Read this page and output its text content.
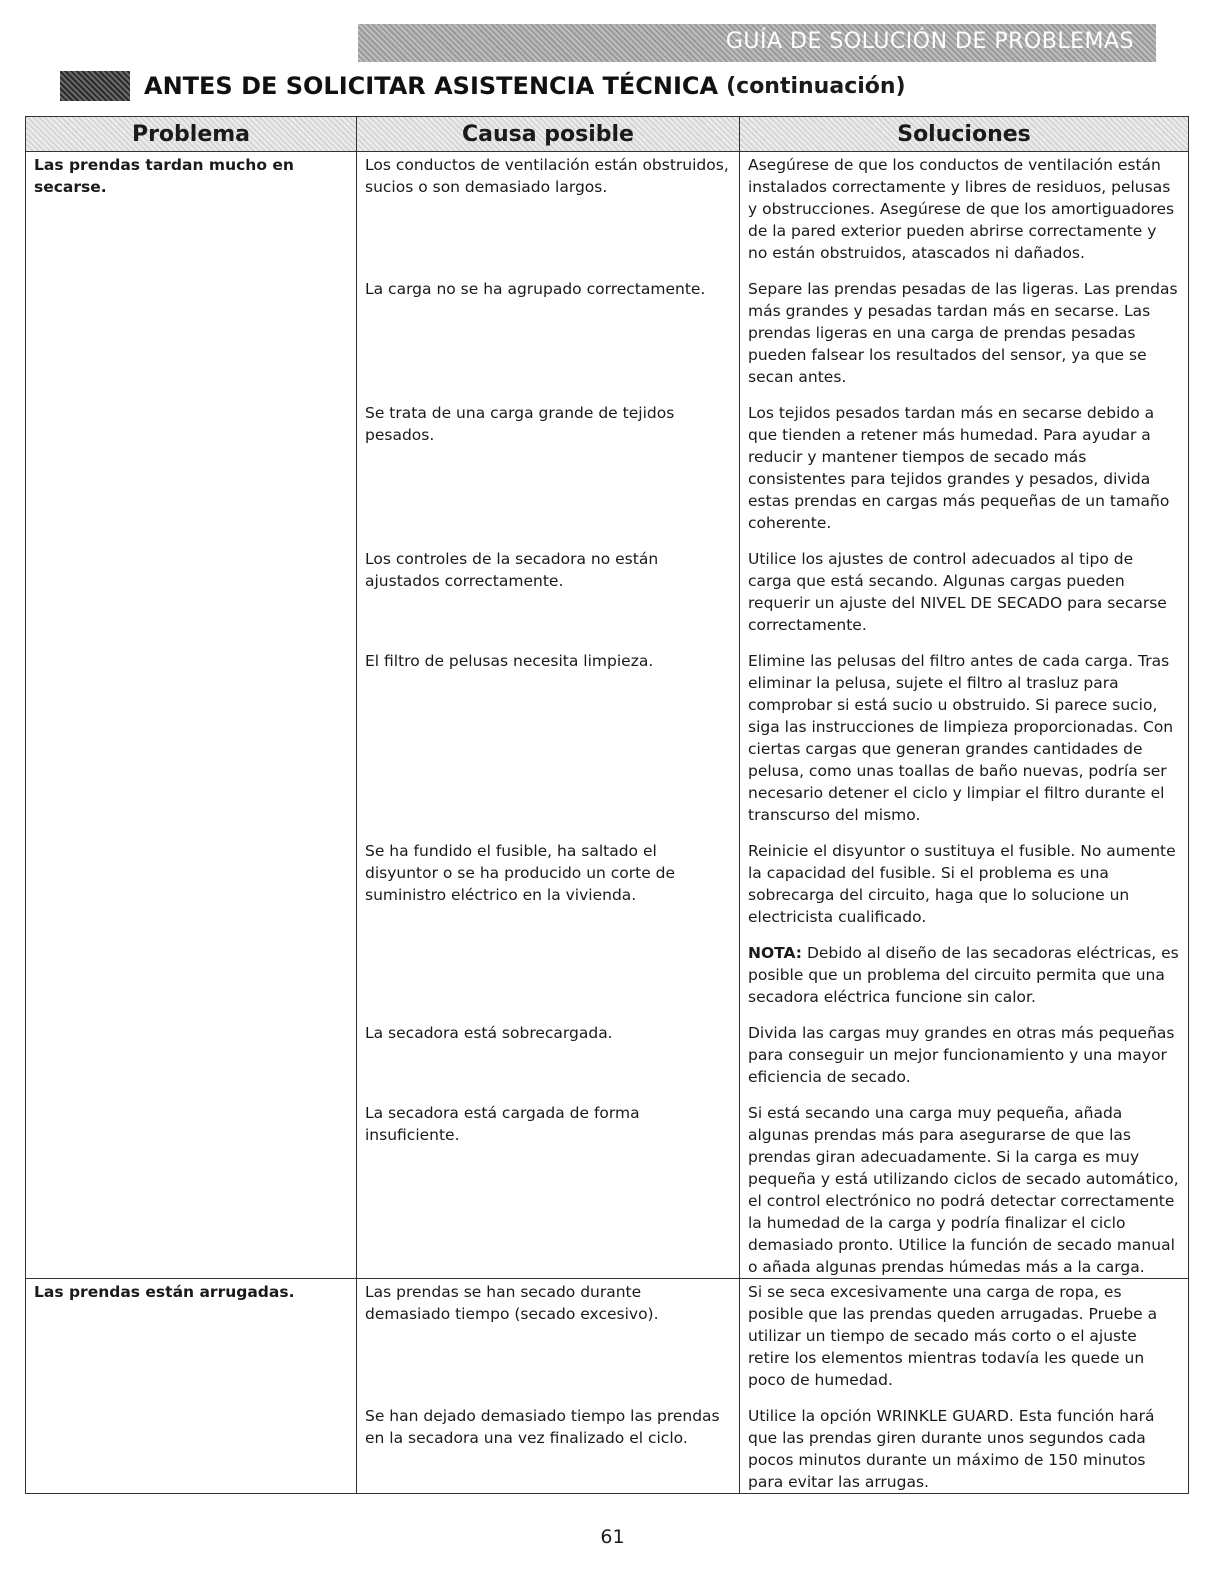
GUÍA DE SOLUCIÓN DE PROBLEMAS
ANTES DE SOLICITAR ASISTENCIA TÉCNICA (continuación)
Problema	Causa posible	Soluciones
Las prendas tardan mucho en secarse.	Los conductos de ventilación están obstruidos, sucios o son demasiado largos.	Asegúrese de que los conductos de ventilación están instalados correctamente y libres de residuos, pelusas y obstrucciones. Asegúrese de que los amortiguadores de la pared exterior pueden abrirse correctamente y no están obstruidos, atascados ni dañados.
	La carga no se ha agrupado correctamente.	Separe las prendas pesadas de las ligeras. Las prendas más grandes y pesadas tardan más en secarse. Las prendas ligeras en una carga de prendas pesadas pueden falsear los resultados del sensor, ya que se secan antes.
	Se trata de una carga grande de tejidos pesados.	Los tejidos pesados tardan más en secarse debido a que tienden a retener más humedad. Para ayudar a reducir y mantener tiempos de secado más consistentes para tejidos grandes y pesados, divida estas prendas en cargas más pequeñas de un tamaño coherente.
	Los controles de la secadora no están ajustados correctamente.	Utilice los ajustes de control adecuados al tipo de carga que está secando. Algunas cargas pueden requerir un ajuste del NIVEL DE SECADO para secarse correctamente.
	El filtro de pelusas necesita limpieza.	Elimine las pelusas del filtro antes de cada carga. Tras eliminar la pelusa, sujete el filtro al trasluz para comprobar si está sucio u obstruido. Si parece sucio, siga las instrucciones de limpieza proporcionadas. Con ciertas cargas que generan grandes cantidades de pelusa, como unas toallas de baño nuevas, podría ser necesario detener el ciclo y limpiar el filtro durante el transcurso del mismo.
	Se ha fundido el fusible, ha saltado el disyuntor o se ha producido un corte de suministro eléctrico en la vivienda.	Reinicie el disyuntor o sustituya el fusible. No aumente la capacidad del fusible. Si el problema es una sobrecarga del circuito, haga que lo solucione un electricista cualificado.
		NOTA: Debido al diseño de las secadoras eléctricas, es posible que un problema del circuito permita que una secadora eléctrica funcione sin calor.
	La secadora está sobrecargada.	Divida las cargas muy grandes en otras más pequeñas para conseguir un mejor funcionamiento y una mayor eficiencia de secado.
	La secadora está cargada de forma insuficiente.	Si está secando una carga muy pequeña, añada algunas prendas más para asegurarse de que las prendas giran adecuadamente. Si la carga es muy pequeña y está utilizando ciclos de secado automático, el control electrónico no podrá detectar correctamente la humedad de la carga y podría finalizar el ciclo demasiado pronto. Utilice la función de secado manual o añada algunas prendas húmedas más a la carga.
Las prendas están arrugadas.	Las prendas se han secado durante demasiado tiempo (secado excesivo).	Si se seca excesivamente una carga de ropa, es posible que las prendas queden arrugadas. Pruebe a utilizar un tiempo de secado más corto o el ajuste retire los elementos mientras todavía les quede un poco de humedad.
	Se han dejado demasiado tiempo las prendas en la secadora una vez finalizado el ciclo.	Utilice la opción WRINKLE GUARD. Esta función hará que las prendas giren durante unos segundos cada pocos minutos durante un máximo de 150 minutos para evitar las arrugas.
61
